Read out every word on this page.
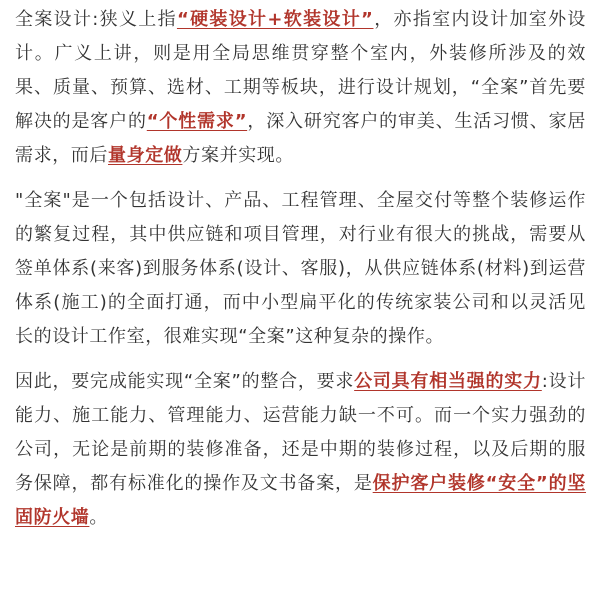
全案设计:狭义上指“硬装设计+软装设计”，亦指室内设计加室外设计。广义上讲，则是用全局思维贯穿整个室内，外装修所涉及的效果、质量、预算、选材、工期等板块，进行设计规划，“全案”首先要解决的是客户的“个性需求”，深入研究客户的审美、生活习惯、家居需求，而后量身定做方案并实现。

"全案"是一个包括设计、产品、工程管理、全屋交付等整个装修运作的繁复过程，其中供应链和项目管理，对行业有很大的挑战，需要从签单体系(来客)到服务体系(设计、客服)，从供应链体系(材料)到运营体系(施工)的全面打通，而中小型扁平化的传统家装公司和以灵活见长的设计工作室，很难实现“全案”这种复杂的操作。

因此，要完成能实现“全案”的整合，要求公司具有相当强的实力:设计能力、施工能力、管理能力、运营能力缺一不可。而一个实力强劲的公司，无论是前期的装修准备，还是中期的装修过程，以及后期的服务保障，都有标准化的操作及文书备案，是保护客户装修“安全”的坚固防火墙。
